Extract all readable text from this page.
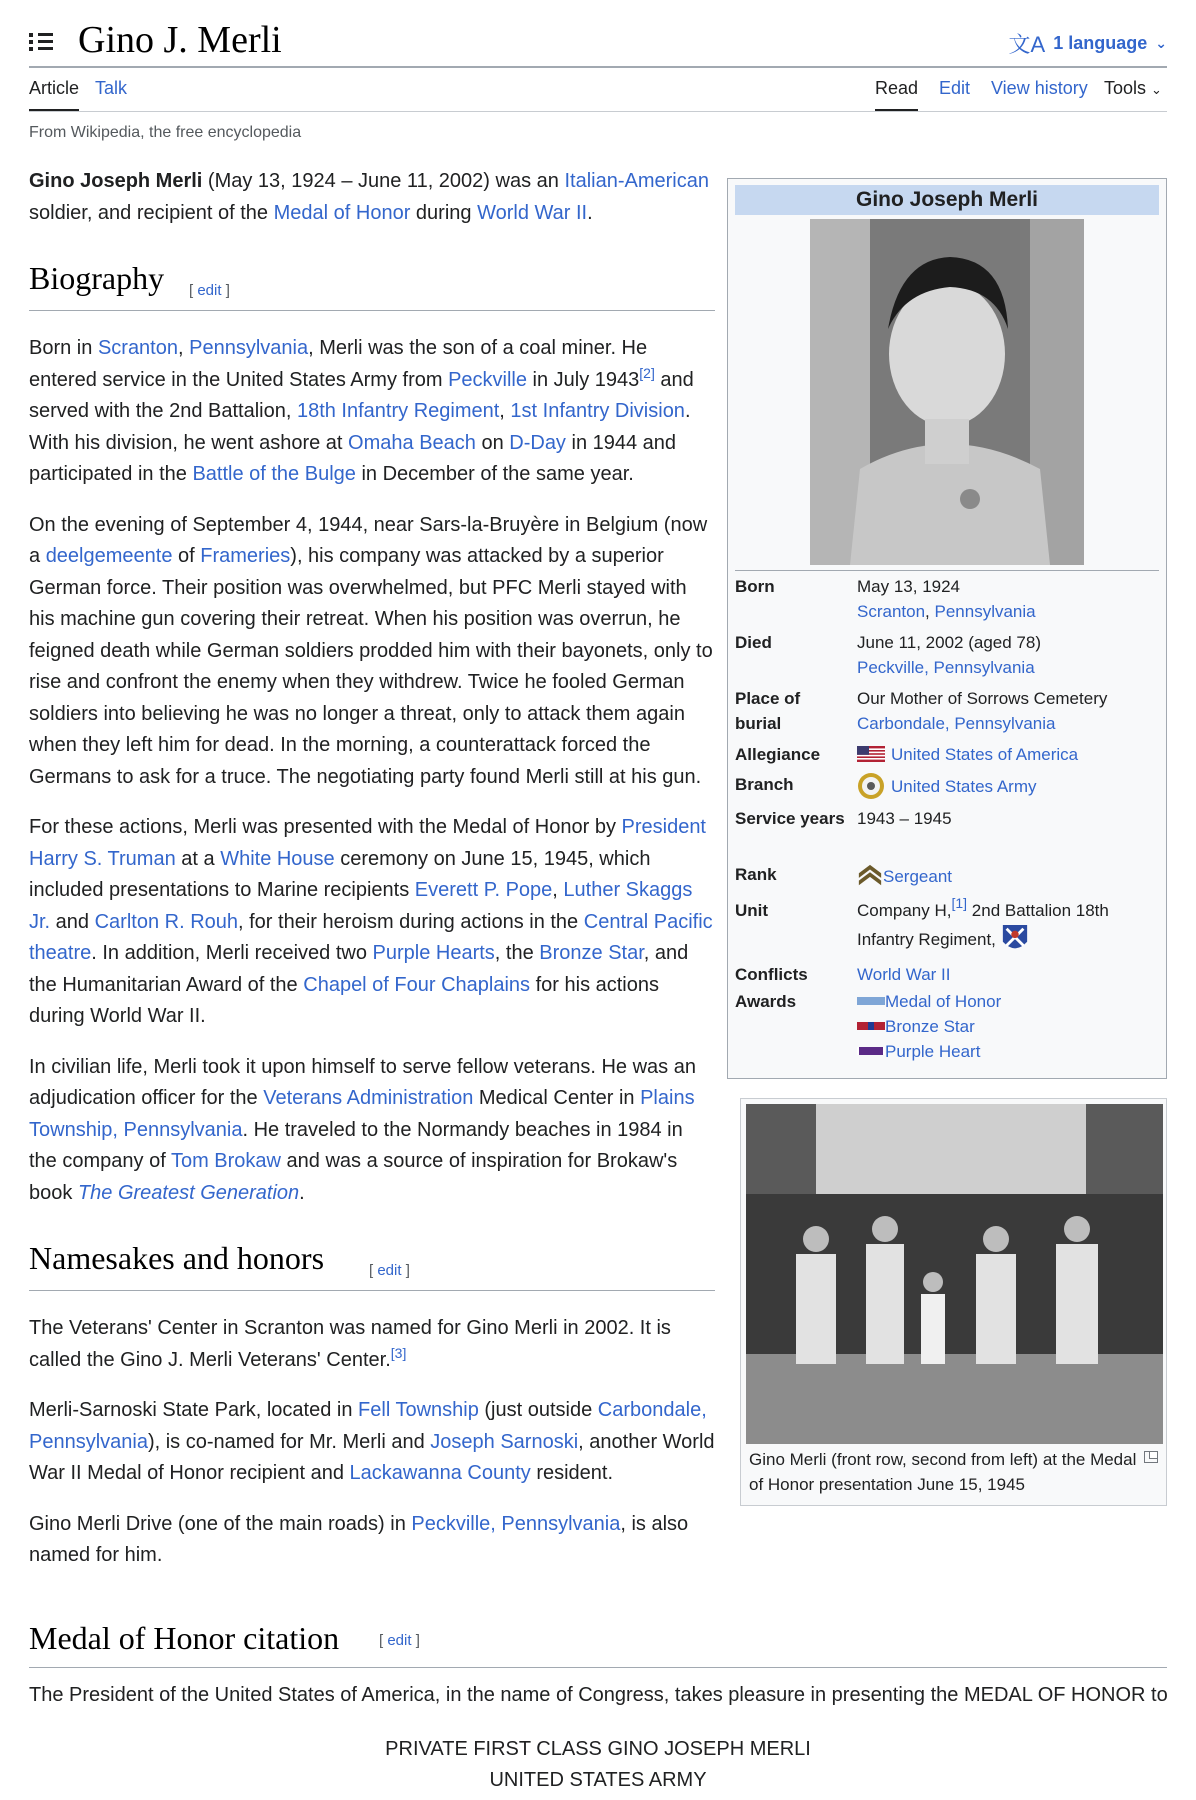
Gino J. Merli	文A 1 language ⌄
Article Talk	Read Edit View history Tools ⌄
From Wikipedia, the free encyclopedia

Gino Joseph Merli (May 13, 1924 – June 11, 2002) was an Italian-American soldier, and recipient of the Medal of Honor during World War II.

Biography [ edit ]

Born in Scranton, Pennsylvania, Merli was the son of a coal miner. He entered service in the United States Army from Peckville in July 1943[2] and served with the 2nd Battalion, 18th Infantry Regiment, 1st Infantry Division. With his division, he went ashore at Omaha Beach on D-Day in 1944 and participated in the Battle of the Bulge in December of the same year.

On the evening of September 4, 1944, near Sars-la-Bruyère in Belgium (now a deelgemeente of Frameries), his company was attacked by a superior German force. Their position was overwhelmed, but PFC Merli stayed with his machine gun covering their retreat. When his position was overrun, he feigned death while German soldiers prodded him with their bayonets, only to rise and confront the enemy when they withdrew. Twice he fooled German soldiers into believing he was no longer a threat, only to attack them again when they left him for dead. In the morning, a counterattack forced the Germans to ask for a truce. The negotiating party found Merli still at his gun.

For these actions, Merli was presented with the Medal of Honor by President Harry S. Truman at a White House ceremony on June 15, 1945, which included presentations to Marine recipients Everett P. Pope, Luther Skaggs Jr. and Carlton R. Rouh, for their heroism during actions in the Central Pacific theatre. In addition, Merli received two Purple Hearts, the Bronze Star, and the Humanitarian Award of the Chapel of Four Chaplains for his actions during World War II.

In civilian life, Merli took it upon himself to serve fellow veterans. He was an adjudication officer for the Veterans Administration Medical Center in Plains Township, Pennsylvania. He traveled to the Normandy beaches in 1984 in the company of Tom Brokaw and was a source of inspiration for Brokaw's book The Greatest Generation.

Namesakes and honors	[ edit ]

The Veterans' Center in Scranton was named for Gino Merli in 2002. It is called the Gino J. Merli Veterans' Center.[3]

Merli-Sarnoski State Park, located in Fell Township (just outside Carbondale, Pennsylvania), is co-named for Mr. Merli and Joseph Sarnoski, another World War II Medal of Honor recipient and Lackawanna County resident.

Gino Merli Drive (one of the main roads) in Peckville, Pennsylvania, is also named for him.

Medal of Honor citation	[ edit ]
The President of the United States of America, in the name of Congress, takes pleasure in presenting the MEDAL OF HONOR to
PRIVATE FIRST CLASS GINO JOSEPH MERLI
UNITED STATES ARMY
Gino Joseph Merli
Born	May 13, 1924
Scranton, Pennsylvania
Died	June 11, 2002 (aged 78)
Peckville, Pennsylvania
Place of burial
Our Mother of Sorrows Cemetery
Carbondale, Pennsylvania
Allegiance	United States of America
Branch	United States Army
Service years 1943 – 1945
Rank	Sergeant
Unit	Company H,[1] 2nd Battalion 18th Infantry Regiment,
Conflicts	World War II
Awards	Medal of Honor
Bronze Star
Purple Heart
Gino Merli (front row, second from left) at the Medal of Honor presentation June 15, 1945
